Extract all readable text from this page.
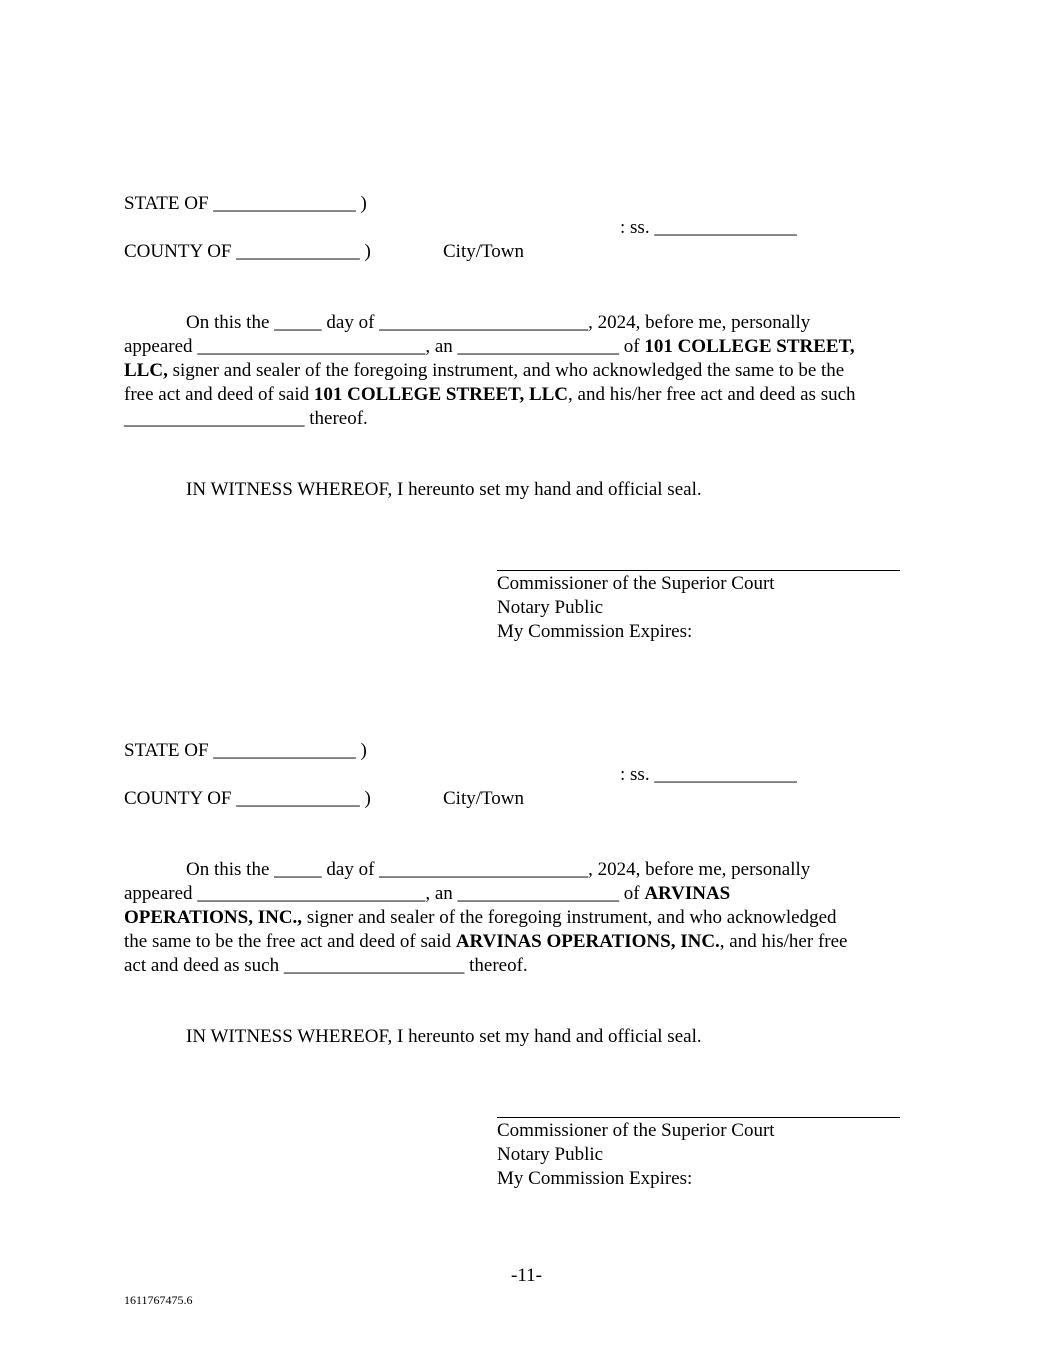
STATE OF _______________ )
: ss. _______________
COUNTY OF _____________ )	City/Town
On this the _____ day of ______________________, 2024, before me, personally
appeared ________________________, an _________________ of 101 COLLEGE STREET,
LLC, signer and sealer of the foregoing instrument, and who acknowledged the same to be the
free act and deed of said 101 COLLEGE STREET, LLC, and his/her free act and deed as such
___________________ thereof.
IN WITNESS WHEREOF, I hereunto set my hand and official seal.
Commissioner of the Superior Court
Notary Public
My Commission Expires:
STATE OF _______________ )
: ss. _______________
COUNTY OF _____________ )	City/Town
On this the _____ day of ______________________, 2024, before me, personally
appeared ________________________, an _________________ of ARVINAS
OPERATIONS, INC., signer and sealer of the foregoing instrument, and who acknowledged
the same to be the free act and deed of said ARVINAS OPERATIONS, INC., and his/her free
act and deed as such ___________________ thereof.
IN WITNESS WHEREOF, I hereunto set my hand and official seal.
Commissioner of the Superior Court
Notary Public
My Commission Expires:
-11-
1611767475.6
